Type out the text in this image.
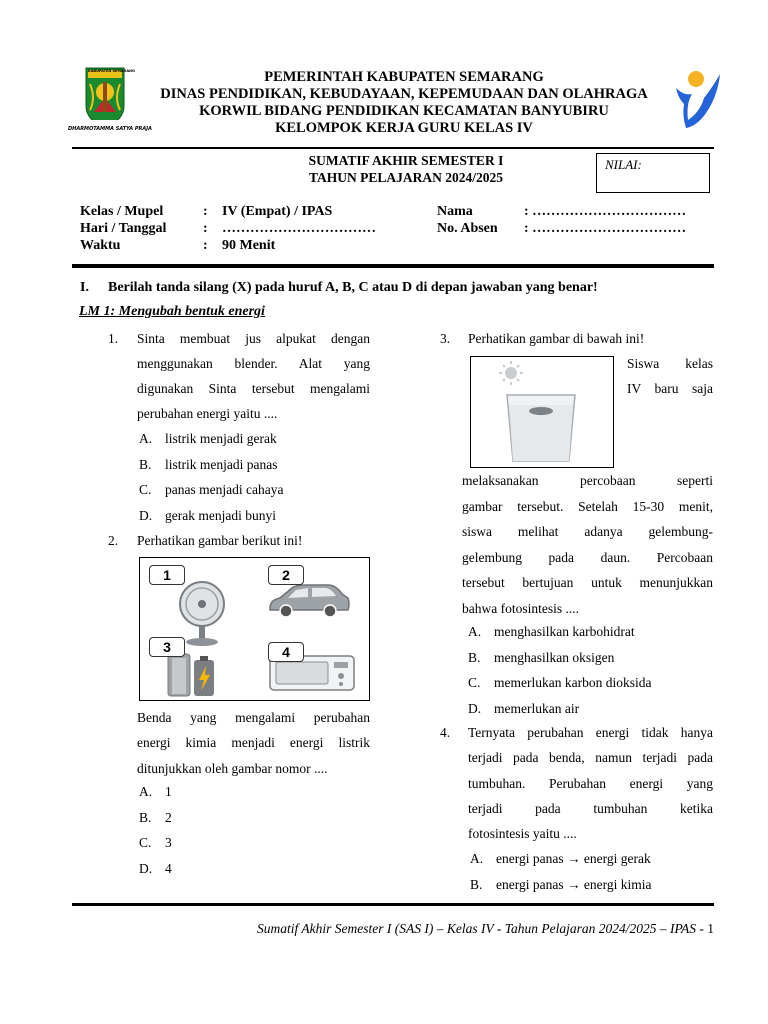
KABUPATEN SEMARANG
DHARMOTAMMA SATYA PRAJA
PEMERINTAH KABUPATEN SEMARANG
DINAS PENDIDIKAN, KEBUDAYAAN, KEPEMUDAAN DAN OLAHRAGA
KORWIL BIDANG PENDIDIKAN KECAMATAN BANYUBIRU
KELOMPOK KERJA GURU KELAS IV
SUMATIF AKHIR SEMESTER I
TAHUN PELAJARAN 2024/2025
NILAI:
Kelas / Mupel	: IV (Empat) / IPAS
Hari / Tanggal	: ……………………………
Waktu	: 90 Menit
Nama	: ……………………………
No. Absen : ……………………………
I. Berilah tanda silang (X) pada huruf A, B, C atau D di depan jawaban yang benar!
LM 1: Mengubah bentuk energi
1. Sinta membuat jus alpukat dengan
menggunakan blender. Alat yang
digunakan Sinta tersebut mengalami
perubahan energi yaitu ....
A. listrik menjadi gerak
B. listrik menjadi panas
C. panas menjadi cahaya
D. gerak menjadi bunyi
2. Perhatikan gambar berikut ini!
1	2
3	4
Benda yang mengalami perubahan
energi kimia menjadi energi listrik
ditunjukkan oleh gambar nomor ....
A. 1
B. 2
C. 3
D. 4
3. Perhatikan gambar di bawah ini!
Siswa kelas
IV baru saja
melaksanakan percobaan seperti
gambar tersebut. Setelah 15-30 menit,
siswa melihat adanya gelembung-
gelembung pada daun. Percobaan
tersebut bertujuan untuk menunjukkan
bahwa fotosintesis ....
A. menghasilkan karbohidrat
B. menghasilkan oksigen
C. memerlukan karbon dioksida
D. memerlukan air
4. Ternyata perubahan energi tidak hanya
terjadi pada benda, namun terjadi pada
tumbuhan. Perubahan energi yang
terjadi pada tumbuhan ketika
fotosintesis yaitu ....
A. energi panas → energi gerak
B. energi panas → energi kimia
Sumatif Akhir Semester I (SAS I) – Kelas IV - Tahun Pelajaran 2024/2025 – IPAS - 1
